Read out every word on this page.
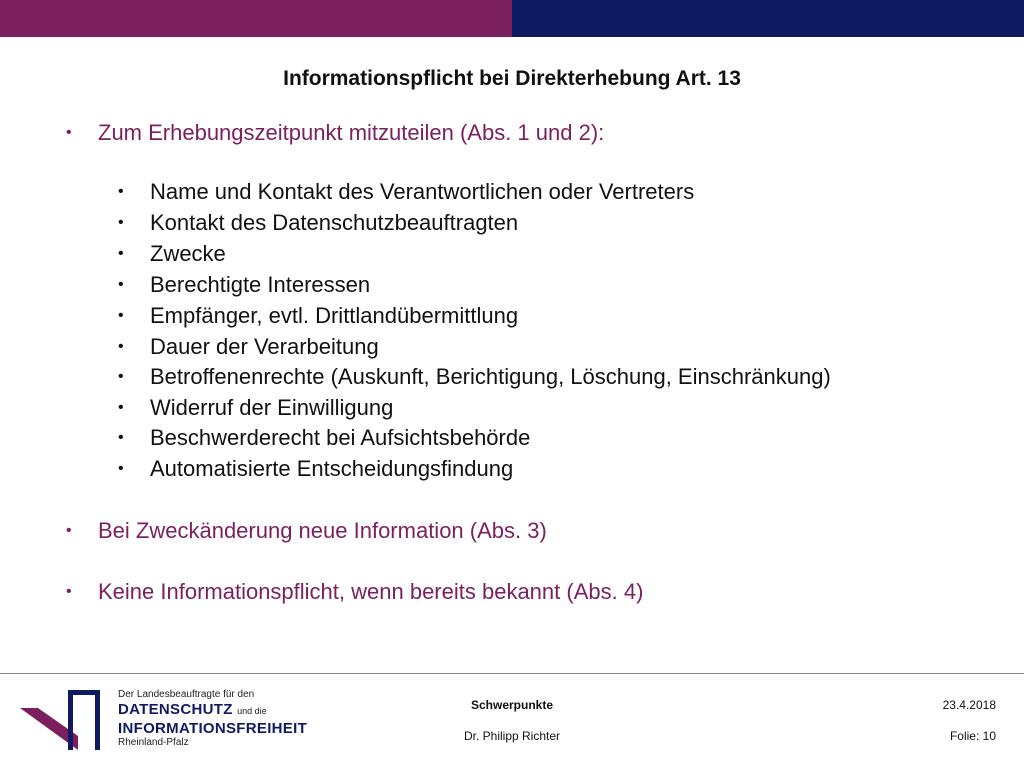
Informationspflicht bei Direkterhebung Art. 13
• Zum Erhebungszeitpunkt mitzuteilen (Abs. 1 und 2):
• Name und Kontakt des Verantwortlichen oder Vertreters
• Kontakt des Datenschutzbeauftragten
• Zwecke
• Berechtigte Interessen
• Empfänger, evtl. Drittlandübermittlung
• Dauer der Verarbeitung
• Betroffenenrechte (Auskunft, Berichtigung, Löschung, Einschränkung)
• Widerruf der Einwilligung
• Beschwerderecht bei Aufsichtsbehörde
• Automatisierte Entscheidungsfindung
• Bei Zweckänderung neue Information (Abs. 3)
• Keine Informationspflicht, wenn bereits bekannt (Abs. 4)
Der Landesbeauftragte für den
DATENSCHUTZ und die
INFORMATIONSFREIHEIT
Rheinland-Pfalz
Schwerpunkte
Dr. Philipp Richter
23.4.2018
Folie: 10
